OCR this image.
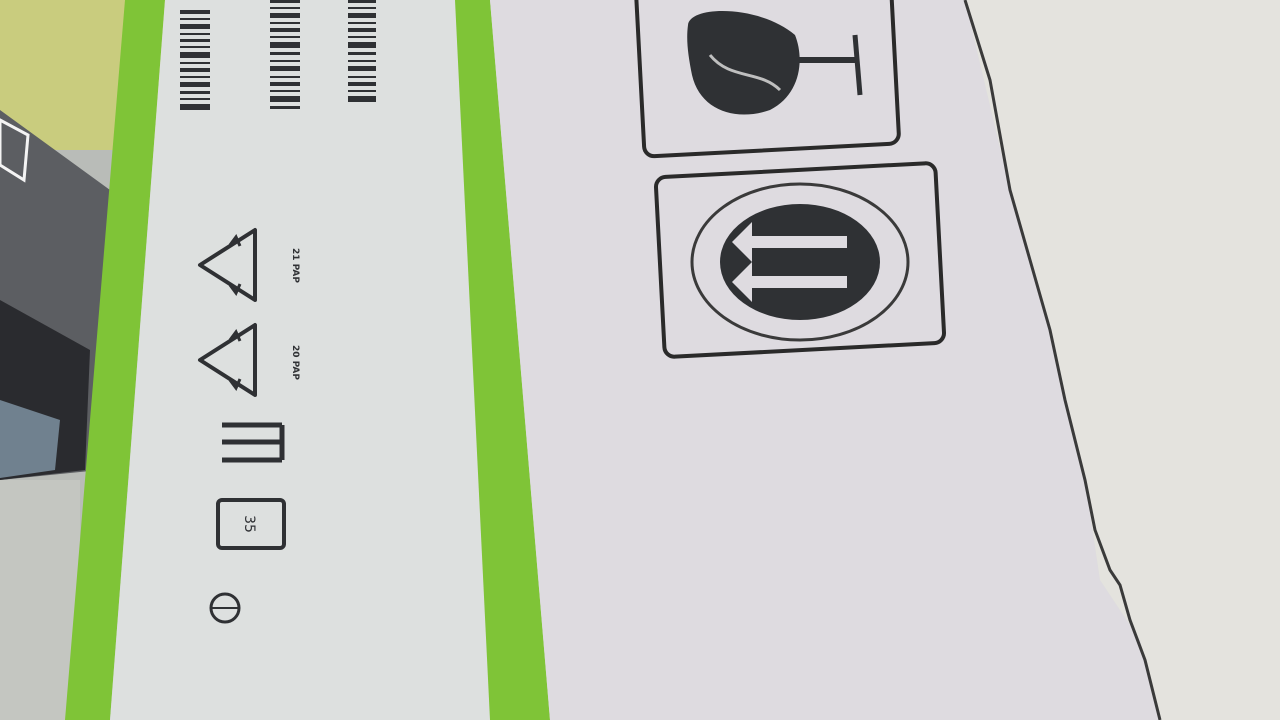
35
21 PAP
20 PAP
